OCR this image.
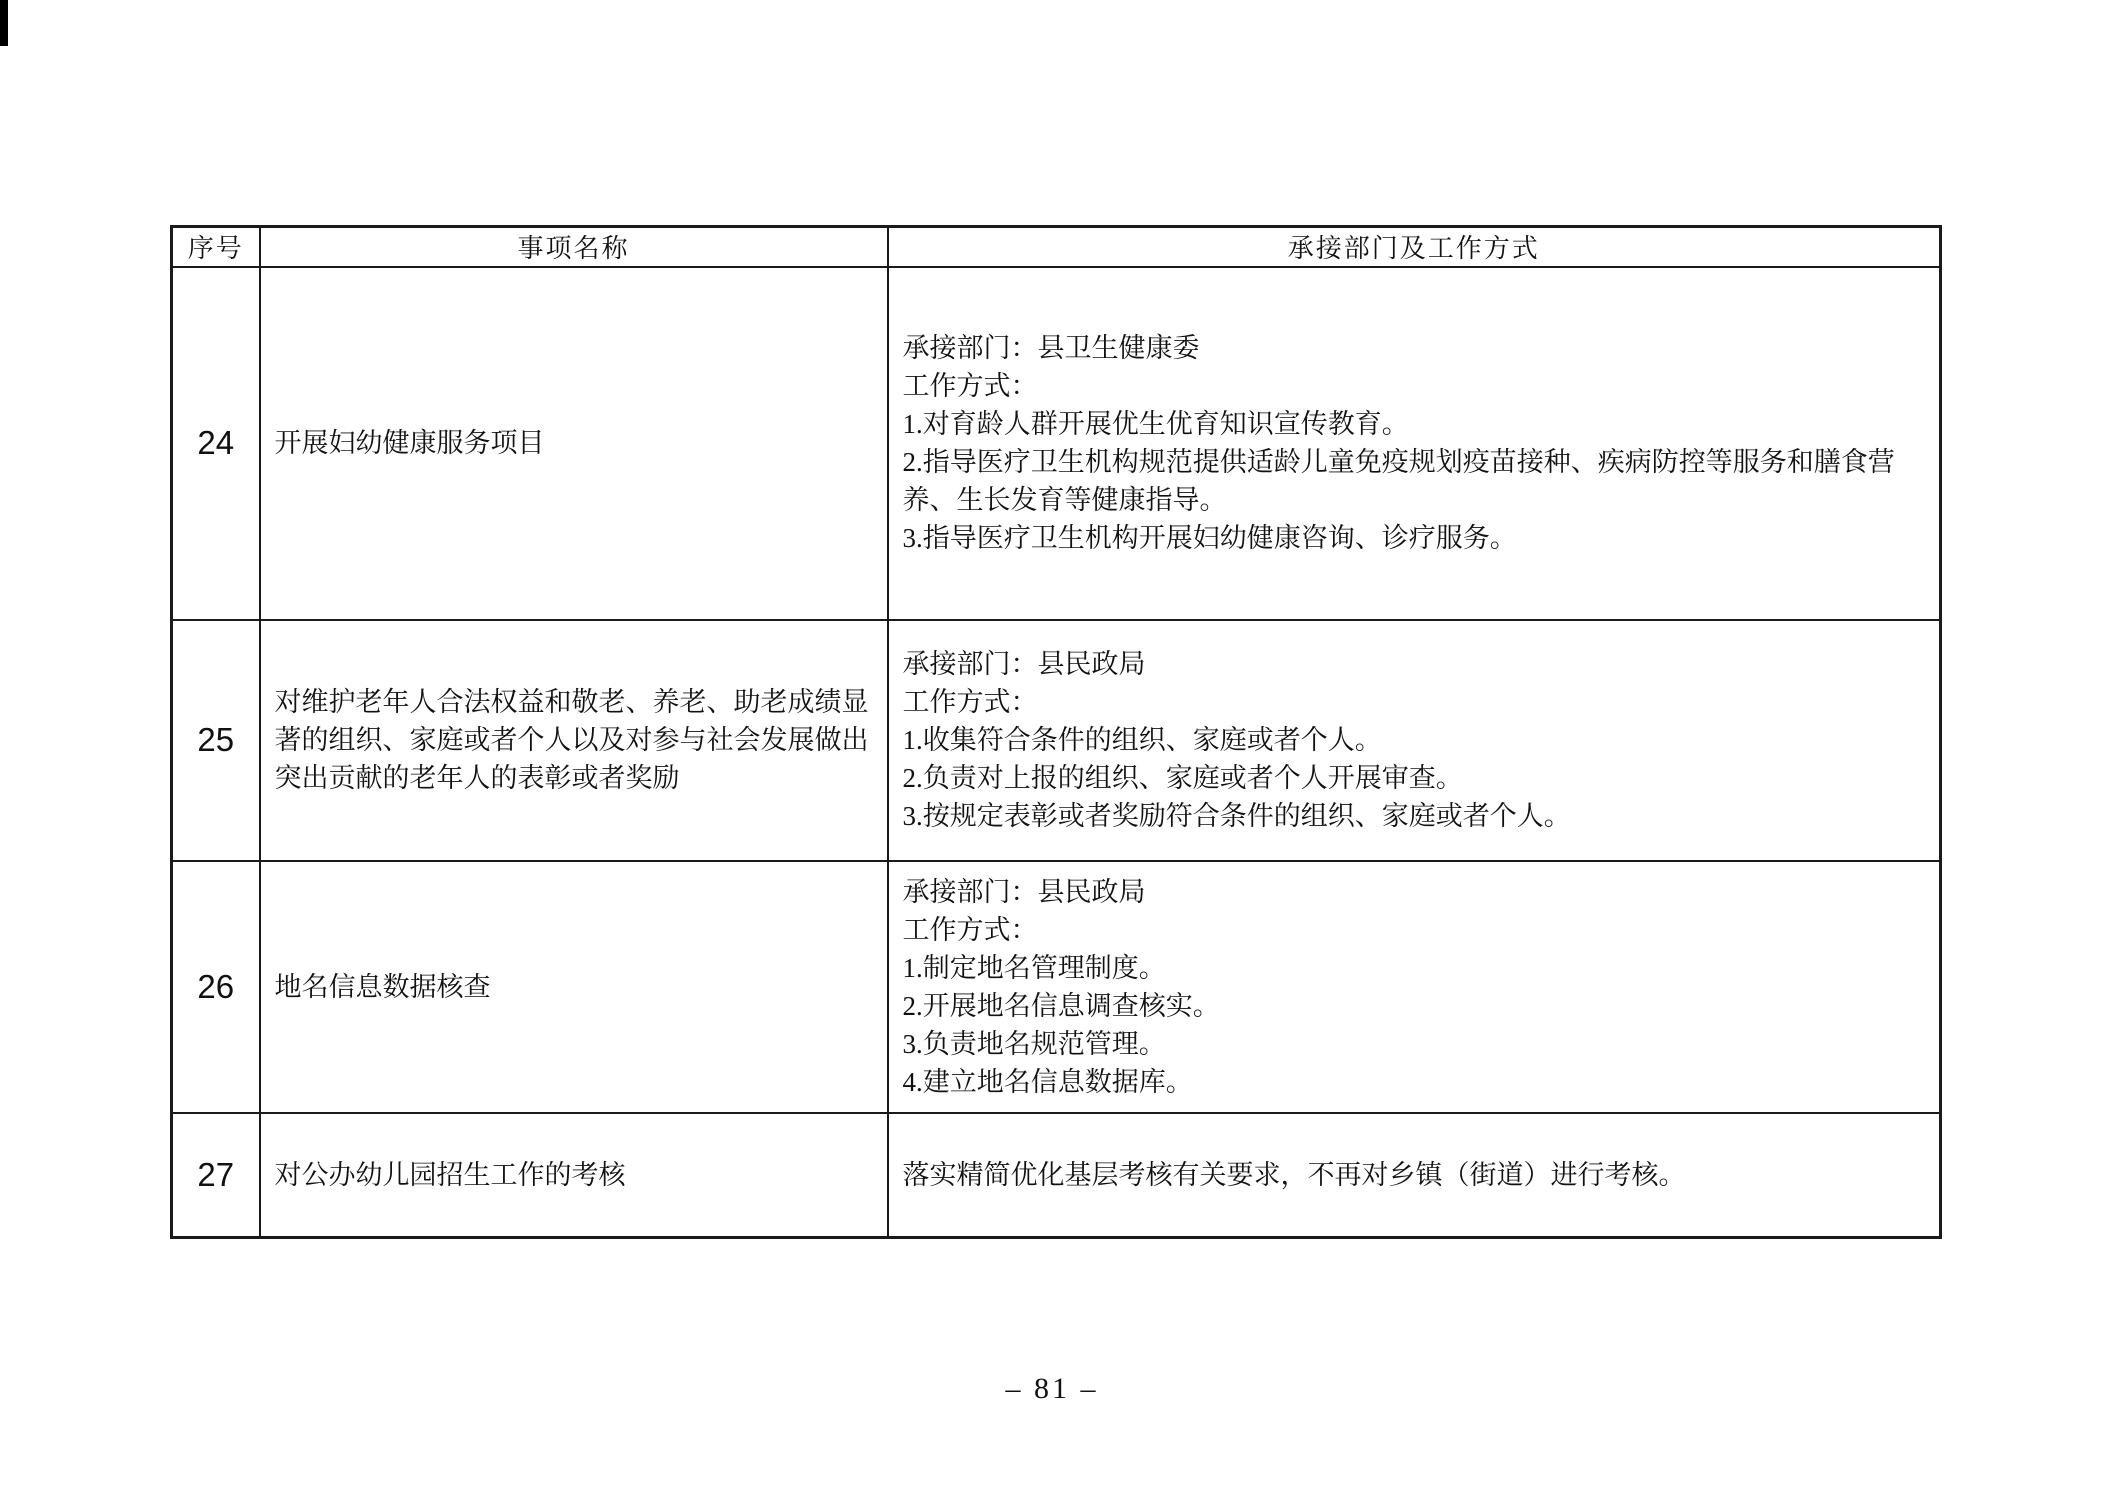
序号	事项名称	承接部门及工作方式
24	开展妇幼健康服务项目	承接部门：县卫生健康委
工作方式：
1.对育龄人群开展优生优育知识宣传教育。
2.指导医疗卫生机构规范提供适龄儿童免疫规划疫苗接种、疾病防控等服务和膳食营养、生长发育等健康指导。
3.指导医疗卫生机构开展妇幼健康咨询、诊疗服务。

25	对维护老年人合法权益和敬老、养老、助老成绩显著的组织、家庭或者个人以及对参与社会发展做出突出贡献的老年人的表彰或者奖励	承接部门：县民政局
工作方式：
1.收集符合条件的组织、家庭或者个人。
2.负责对上报的组织、家庭或者个人开展审查。
3.按规定表彰或者奖励符合条件的组织、家庭或者个人。

26	地名信息数据核查	
承接部门：县民政局
工作方式：
1.制定地名管理制度。
2.开展地名信息调查核实。
3.负责地名规范管理。
4.建立地名信息数据库。

27	对公办幼儿园招生工作的考核	落实精简优化基层考核有关要求，不再对乡镇（街道）进行考核。
– 81 –
